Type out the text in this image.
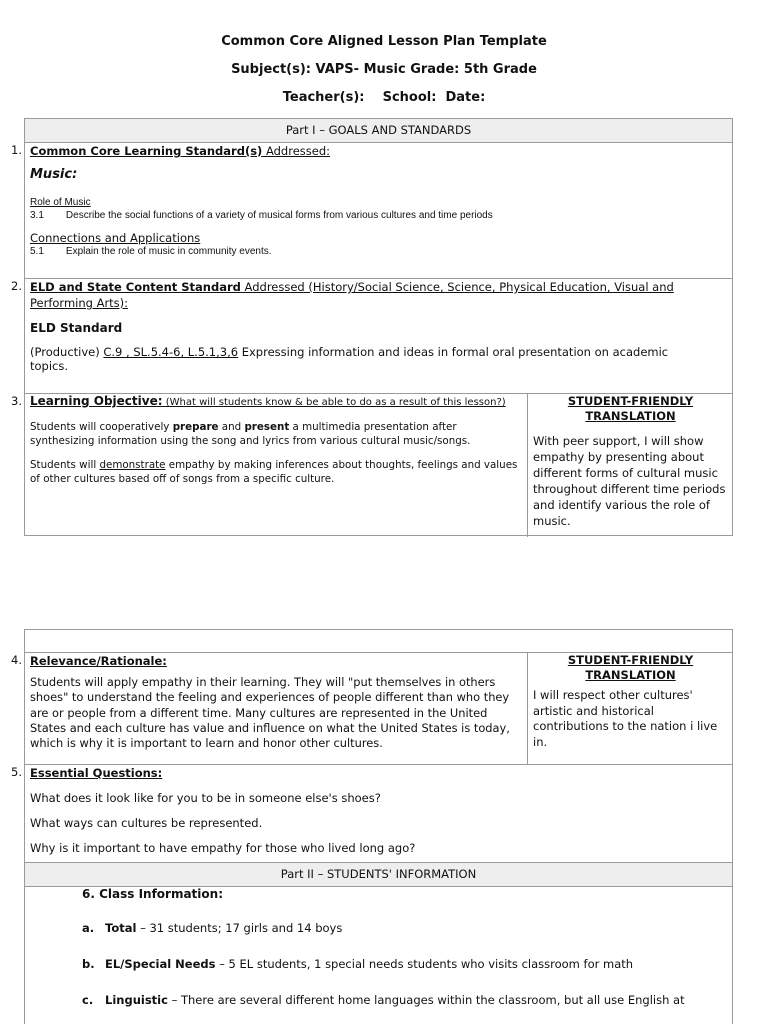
Common Core Aligned Lesson Plan Template
Subject(s): VAPS- Music Grade: 5th Grade
Teacher(s):    School:  Date:
Part I – GOALS AND STANDARDS
1. Common Core Learning Standard(s) Addressed:

Music:

Role of Music

3.1 Describe the social functions of a variety of musical forms from various cultures and time periods

Connections and Applications

5.1 Explain the role of music in community events.

2. ELD and State Content Standard Addressed (History/Social Science, Science, Physical Education, Visual and Performing Arts):

ELD Standard

(Productive) C.9 , SL.5.4-6, L.5.1,3,6 Expressing information and ideas in formal oral presentation on academic topics.

3. Learning Objective: (What will students know & be able to do as a result of this lesson?)

Students will cooperatively prepare and present a multimedia presentation after synthesizing information using the song and lyrics from various cultural music/songs.

Students will demonstrate empathy by making inferences about thoughts, feelings and values of other cultures based off of songs from a specific culture.

STUDENT-FRIENDLY TRANSLATION

With peer support, I will show empathy by presenting about different forms of cultural music throughout different time periods and identify various the role of music.

4. Relevance/Rationale:

Students will apply empathy in their learning. They will "put themselves in others shoes" to understand the feeling and experiences of people different than who they are or people from a different time. Many cultures are represented in the United States and each culture has value and influence on what the United States is today, which is why it is important to learn and honor other cultures.

STUDENT-FRIENDLY TRANSLATION

I will respect other cultures' artistic and historical contributions to the nation i live in.

5. Essential Questions:

What does it look like for you to be in someone else's shoes?

What ways can cultures be represented.

Why is it important to have empathy for those who lived long ago?

Part II – STUDENTS' INFORMATION

6. Class Information:

a. Total – 31 students; 17 girls and 14 boys

b. EL/Special Needs – 5 EL students, 1 special needs students who visits classroom for math

c. Linguistic – There are several different home languages within the classroom, but all use English at
